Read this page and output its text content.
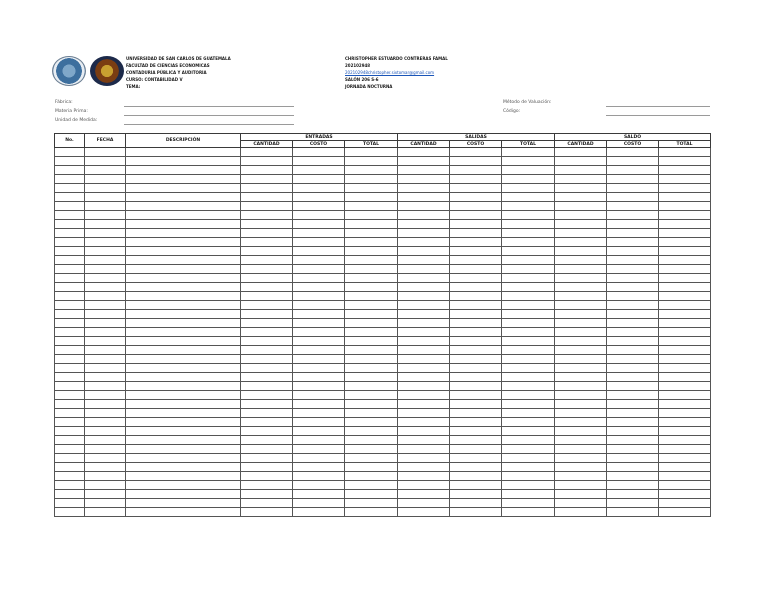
UNIVERSIDAD DE SAN CARLOS DE GUATEMALA
FACULTAD DE CIENCIAS ECONOMICAS
CONTADURIA PÚBLICA Y AUDITORIA
CURSO: CONTABILIDAD V
TEMA:
CHRISTOPHER ESTUARDO CONTRERAS FAMAL
202102948
202102948christopher.sixtomar@gmail.com
SALÓN 206 S-6
JORNADA NOCTURNA
Fábrica:
Materia Prima:
Unidad de Medida:
Método de Valuación:
Código:
No.	FECHA	DESCRIPCIÓN	ENTRADAS			SALIDAS			SALDO		
			CANTIDAD	COSTO	TOTAL	CANTIDAD	COSTO	TOTAL	CANTIDAD	COSTO	TOTAL
